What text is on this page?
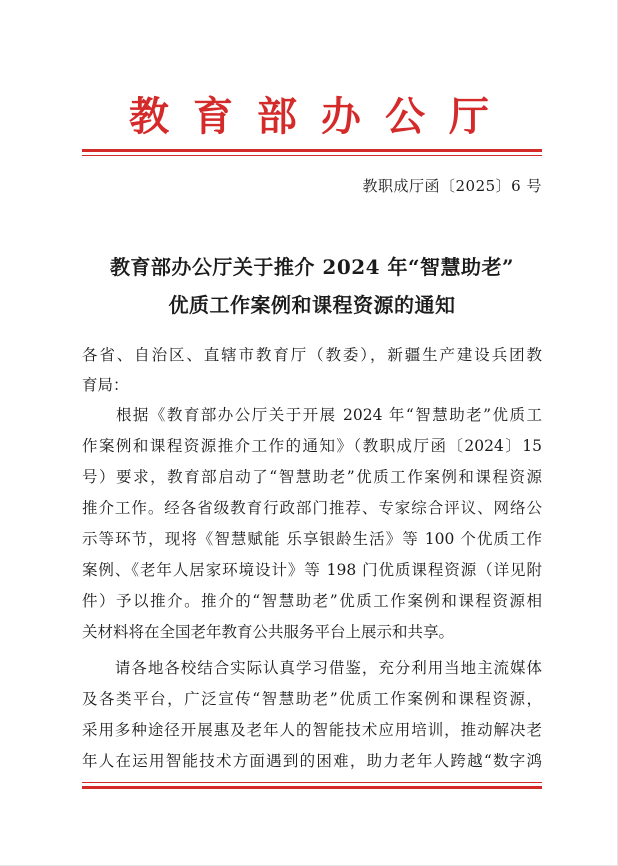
教育部办公厅
教职成厅函〔2025〕6 号
教育部办公厅关于推介 2024 年“智慧助老”
优质工作案例和课程资源的通知
各省、自治区、直辖市教育厅（教委），新疆生产建设兵团教
育局：
　　根据《教育部办公厅关于开展 2024 年“智慧助老”优质工
作案例和课程资源推介工作的通知》（教职成厅函〔2024〕15
号）要求，教育部启动了“智慧助老”优质工作案例和课程资源
推介工作。经各省级教育行政部门推荐、专家综合评议、网络公
示等环节，现将《智慧赋能 乐享银龄生活》等 100 个优质工作
案例、《老年人居家环境设计》等 198 门优质课程资源（详见附
件）予以推介。推介的“智慧助老”优质工作案例和课程资源相
关材料将在全国老年教育公共服务平台上展示和共享。
　　请各地各校结合实际认真学习借鉴，充分利用当地主流媒体
及各类平台，广泛宣传“智慧助老”优质工作案例和课程资源，
采用多种途径开展惠及老年人的智能技术应用培训，推动解决老
年人在运用智能技术方面遇到的困难，助力老年人跨越“数字鸿
